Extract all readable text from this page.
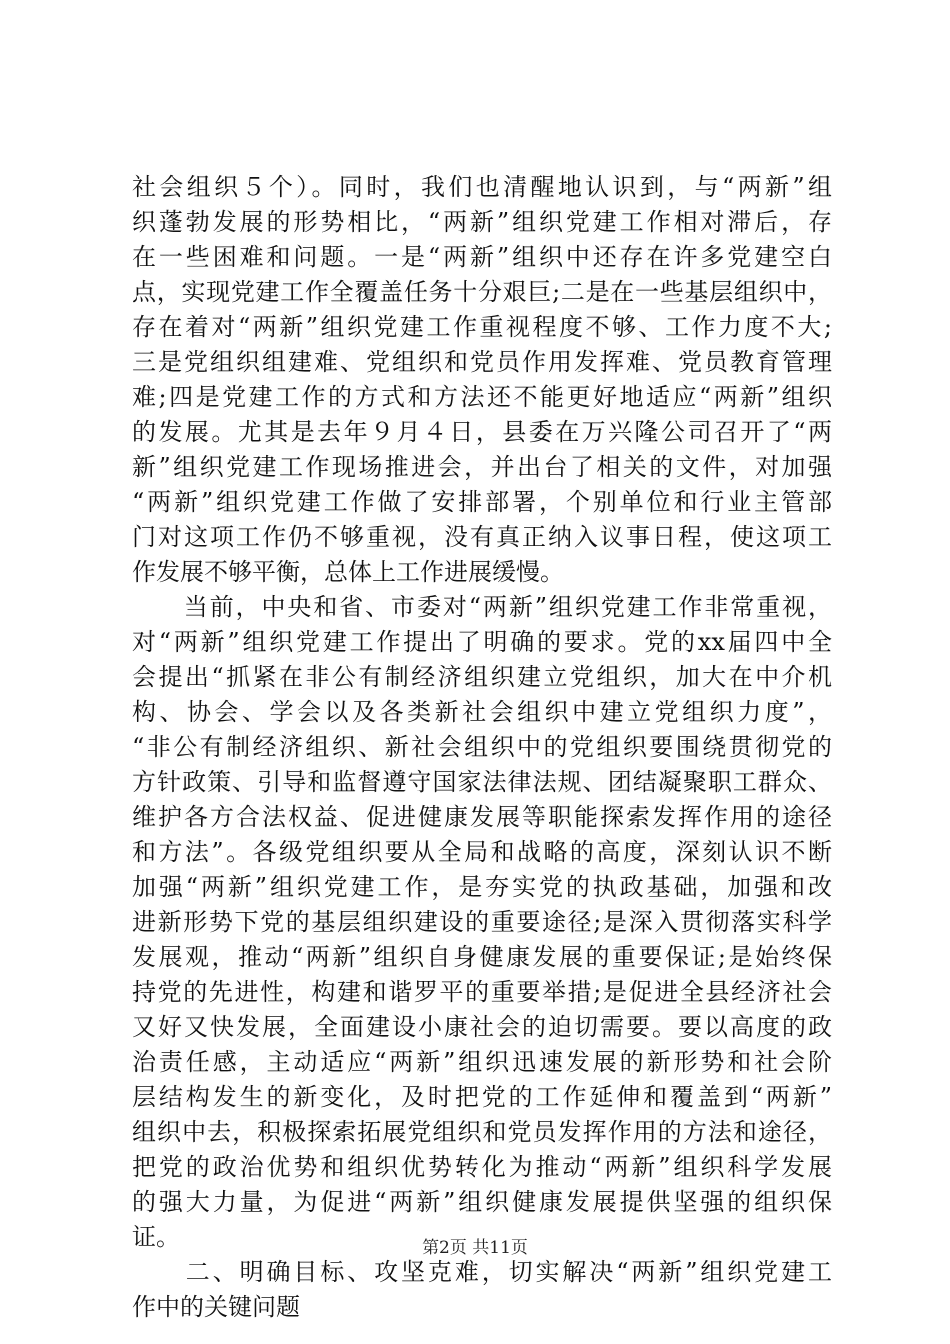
社会组织５个）。同时，我们也清醒地认识到，与“两新”组
织蓬勃发展的形势相比，“两新”组织党建工作相对滞后，存
在一些困难和问题。一是“两新”组织中还存在许多党建空白
点，实现党建工作全覆盖任务十分艰巨;二是在一些基层组织中，
存在着对“两新”组织党建工作重视程度不够、工作力度不大;
三是党组织组建难、党组织和党员作用发挥难、党员教育管理
难;四是党建工作的方式和方法还不能更好地适应“两新”组织
的发展。尤其是去年９月４日，县委在万兴隆公司召开了“两
新”组织党建工作现场推进会，并出台了相关的文件，对加强
“两新”组织党建工作做了安排部署，个别单位和行业主管部
门对这项工作仍不够重视，没有真正纳入议事日程，使这项工
作发展不够平衡，总体上工作进展缓慢。
　　当前，中央和省、市委对“两新”组织党建工作非常重视，
对“两新”组织党建工作提出了明确的要求。党的xx届四中全
会提出“抓紧在非公有制经济组织建立党组织，加大在中介机
构、协会、学会以及各类新社会组织中建立党组织力度”，
“非公有制经济组织、新社会组织中的党组织要围绕贯彻党的
方针政策、引导和监督遵守国家法律法规、团结凝聚职工群众、
维护各方合法权益、促进健康发展等职能探索发挥作用的途径
和方法”。各级党组织要从全局和战略的高度，深刻认识不断
加强“两新”组织党建工作，是夯实党的执政基础，加强和改
进新形势下党的基层组织建设的重要途径;是深入贯彻落实科学
发展观，推动“两新”组织自身健康发展的重要保证;是始终保
持党的先进性，构建和谐罗平的重要举措;是促进全县经济社会
又好又快发展，全面建设小康社会的迫切需要。要以高度的政
治责任感，主动适应“两新”组织迅速发展的新形势和社会阶
层结构发生的新变化，及时把党的工作延伸和覆盖到“两新”
组织中去，积极探索拓展党组织和党员发挥作用的方法和途径，
把党的政治优势和组织优势转化为推动“两新”组织科学发展
的强大力量，为促进“两新”组织健康发展提供坚强的组织保
证。
　　二、明确目标、攻坚克难，切实解决“两新”组织党建工
作中的关键问题
第2页 共11页
